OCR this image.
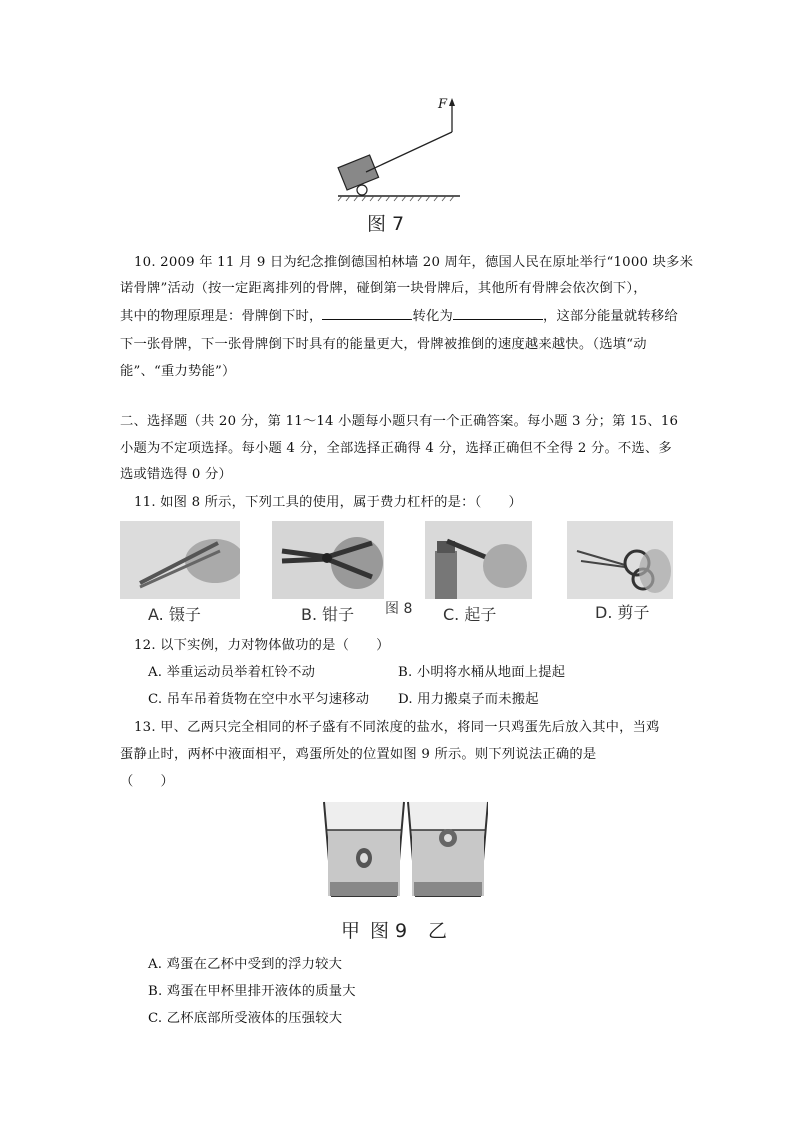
F
图 7
10. 2009 年 11 月 9 日为纪念推倒德国柏林墙 20 周年，德国人民在原址举行“1000 块多米
诺骨牌”活动（按一定距离排列的骨牌，碰倒第一块骨牌后，其他所有骨牌会依次倒下），
其中的物理原理是：骨牌倒下时，	转化为	，这部分能量就转移给
下一张骨牌，下一张骨牌倒下时具有的能量更大，骨牌被推倒的速度越来越快。（选填“动
能”、“重力势能”）
二、选择题（共 20 分，第 11～14 小题每小题只有一个正确答案。每小题 3 分；第 15、16
小题为不定项选择。每小题 4 分，全部选择正确得 4 分，选择正确但不全得 2 分。不选、多
选或错选得 0 分）
11. 如图 8 所示，下列工具的使用，属于费力杠杆的是：（　　）
A. 镊子	B. 钳子 图 8 C. 起子	D. 剪子
12. 以下实例，力对物体做功的是（　　）
A. 举重运动员举着杠铃不动	B. 小明将水桶从地面上提起
C. 吊车吊着货物在空中水平匀速移动 D. 用力搬桌子而未搬起
13. 甲、乙两只完全相同的杯子盛有不同浓度的盐水，将同一只鸡蛋先后放入其中，当鸡
蛋静止时，两杯中液面相平，鸡蛋所处的位置如图 9 所示。则下列说法正确的是
（　　）
甲 图 9 乙
A. 鸡蛋在乙杯中受到的浮力较大
B. 鸡蛋在甲杯里排开液体的质量大
C. 乙杯底部所受液体的压强较大
